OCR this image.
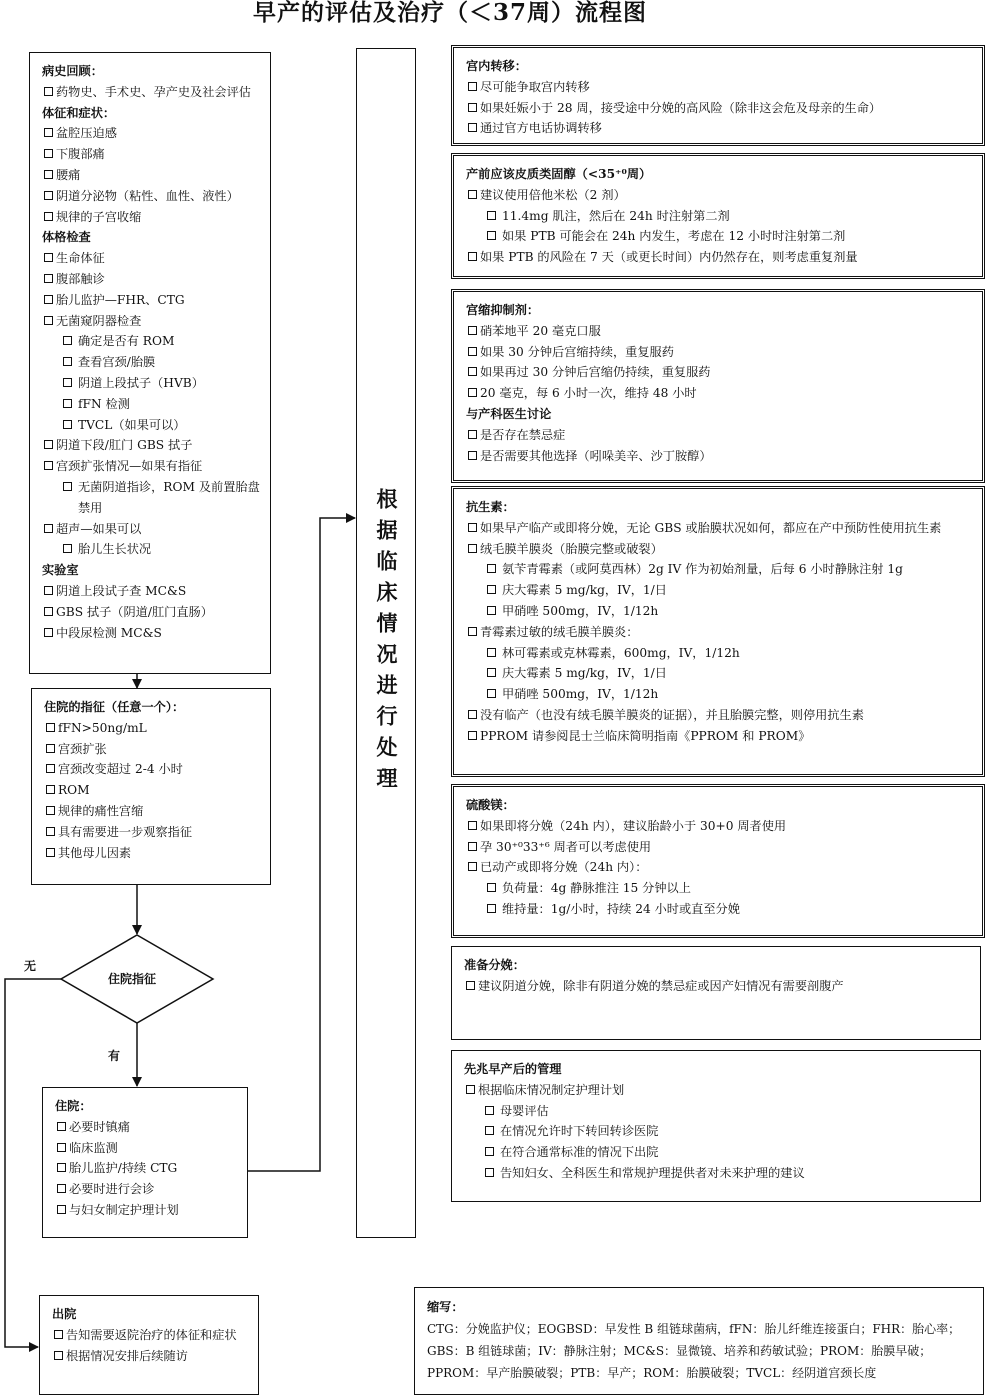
早产的评估及治疗（＜37周）流程图
病史回顾：
药物史、手术史、孕产史及社会评估
体征和症状：
盆腔压迫感
下腹部痛
腰痛
阴道分泌物（粘性、血性、液性）
规律的子宫收缩
体格检查
生命体征
腹部触诊
胎儿监护—FHR、CTG
无菌窥阴器检查
确定是否有 ROM
查看宫颈/胎膜
阴道上段拭子（HVB）
fFN 检测
TVCL（如果可以）
阴道下段/肛门 GBS 拭子
宫颈扩张情况—如果有指征
无菌阴道指诊，ROM 及前置胎盘禁用
超声—如果可以
胎儿生长状况
实验室
阴道上段试子查 MC&S
GBS 拭子（阴道/肛门直肠）
中段尿检测 MC&S
住院的指征（任意一个）：
fFN>50ng/mL
宫颈扩张
宫颈改变超过 2-4 小时
ROM
规律的痛性宫缩
具有需要进一步观察指征
其他母儿因素
住院指征
无
有
住院：
必要时镇痛
临床监测
胎儿监护/持续 CTG
必要时进行会诊
与妇女制定护理计划
出院
告知需要返院治疗的体征和症状
根据情况安排后续随访
根据临床情况进行处理
宫内转移：
尽可能争取宫内转移
如果妊娠小于 28 周，接受途中分娩的高风险（除非这会危及母亲的生命）
通过官方电话协调转移
产前应该皮质类固醇（<35⁺⁰周）
建议使用倍他米松（2 剂）
11.4mg 肌注，然后在 24h 时注射第二剂
如果 PTB 可能会在 24h 内发生，考虑在 12 小时时注射第二剂
如果 PTB 的风险在 7 天（或更长时间）内仍然存在，则考虑重复剂量
宫缩抑制剂：
硝苯地平 20 毫克口服
如果 30 分钟后宫缩持续，重复服药
如果再过 30 分钟后宫缩仍持续，重复服药
20 毫克，每 6 小时一次，维持 48 小时
与产科医生讨论
是否存在禁忌症
是否需要其他选择（吲哚美辛、沙丁胺醇）
抗生素：
如果早产临产或即将分娩，无论 GBS 或胎膜状况如何，都应在产中预防性使用抗生素
绒毛膜羊膜炎（胎膜完整或破裂）
氨苄青霉素（或阿莫西林）2g IV 作为初始剂量，后每 6 小时静脉注射 1g
庆大霉素 5 mg/kg，IV，1/日
甲硝唑 500mg，IV，1/12h
青霉素过敏的绒毛膜羊膜炎：
林可霉素或克林霉素，600mg，IV，1/12h
庆大霉素 5 mg/kg，IV，1/日
甲硝唑 500mg，IV，1/12h
没有临产（也没有绒毛膜羊膜炎的证据），并且胎膜完整，则停用抗生素
PPROM 请参阅昆士兰临床简明指南《PPROM 和 PROM》
硫酸镁：
如果即将分娩（24h 内），建议胎龄小于 30+0 周者使用
孕 30⁺⁰33⁺⁶ 周者可以考虑使用
已动产或即将分娩（24h 内）：
负荷量：4g 静脉推注 15 分钟以上
维持量：1g/小时，持续 24 小时或直至分娩
准备分娩：
建议阴道分娩，除非有阴道分娩的禁忌症或因产妇情况有需要剖腹产
先兆早产后的管理
根据临床情况制定护理计划
母婴评估
在情况允许时下转回转诊医院
在符合通常标准的情况下出院
告知妇女、全科医生和常规护理提供者对未来护理的建议
缩写：
CTG：分娩监护仪；EOGBSD：早发性 B 组链球菌病，fFN：胎儿纤维连接蛋白；FHR：胎心率；GBS：B 组链球菌；IV：静脉注射；MC&S：显微镜、培养和药敏试验；PROM：胎膜早破；PPROM：早产胎膜破裂；PTB：早产；ROM：胎膜破裂；TVCL：经阴道宫颈长度
